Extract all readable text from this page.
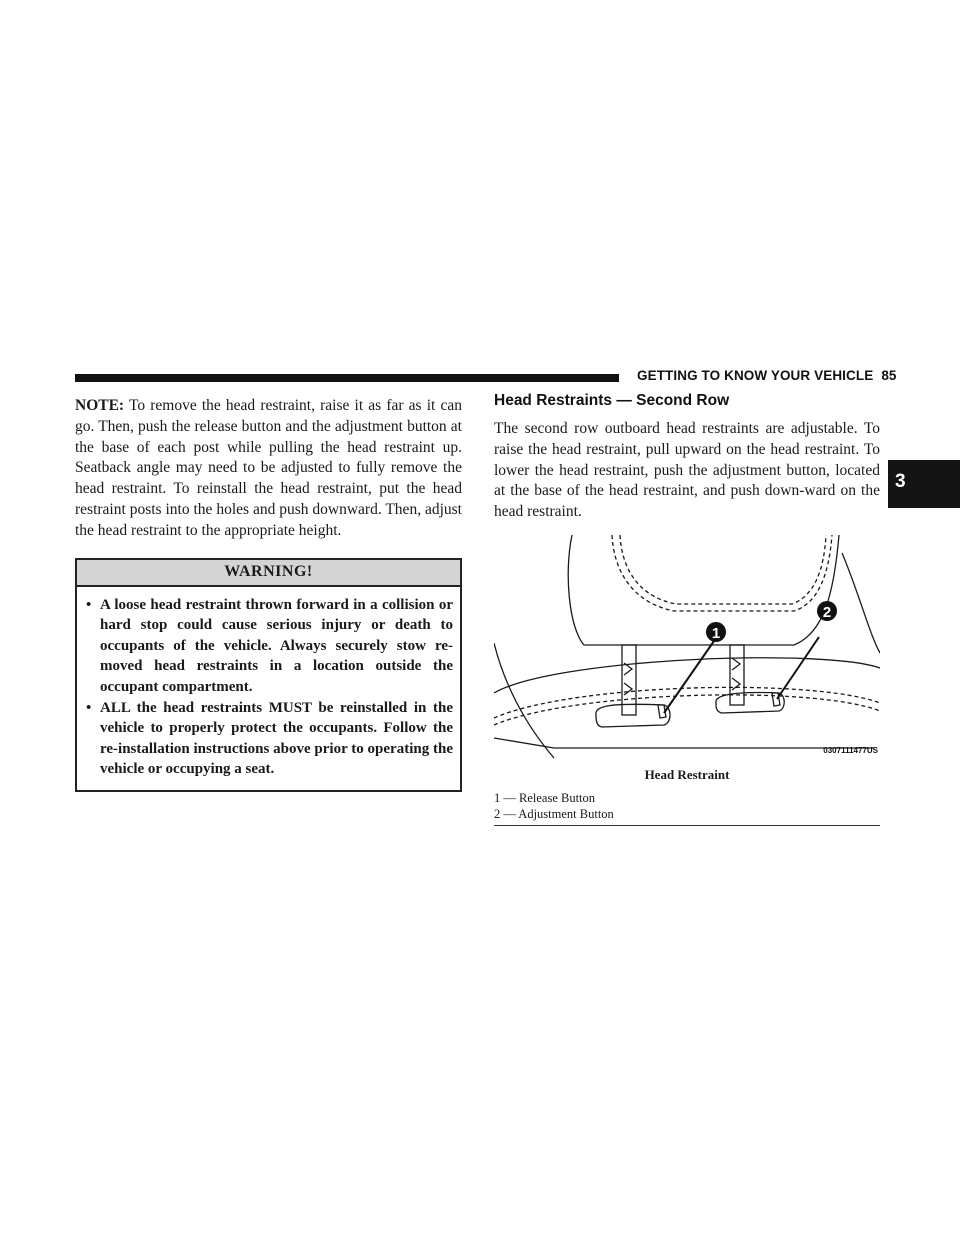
GETTING TO KNOW YOUR VEHICLE 85
3

NOTE: To remove the head restraint, raise it as far as it can go. Then, push the release button and the adjustment button at the base of each post while pulling the head restraint up. Seatback angle may need to be adjusted to fully remove the head restraint. To reinstall the head restraint, put the head restraint posts into the holes and push downward. Then, adjust the head restraint to the appropriate height.

WARNING!
• A loose head restraint thrown forward in a collision or hard stop could cause serious injury or death to occupants of the vehicle. Always securely stow re-moved head restraints in a location outside the occupant compartment.
• ALL the head restraints MUST be reinstalled in the vehicle to properly protect the occupants. Follow the re-installation instructions above prior to operating the vehicle or occupying a seat.
Head Restraints — Second Row

The second row outboard head restraints are adjustable. To raise the head restraint, pull upward on the head restraint. To lower the head restraint, push the adjustment button, located at the base of the head restraint, and push down-ward on the head restraint.

1
2
0307111477US
Head Restraint
1 — Release Button
2 — Adjustment Button
